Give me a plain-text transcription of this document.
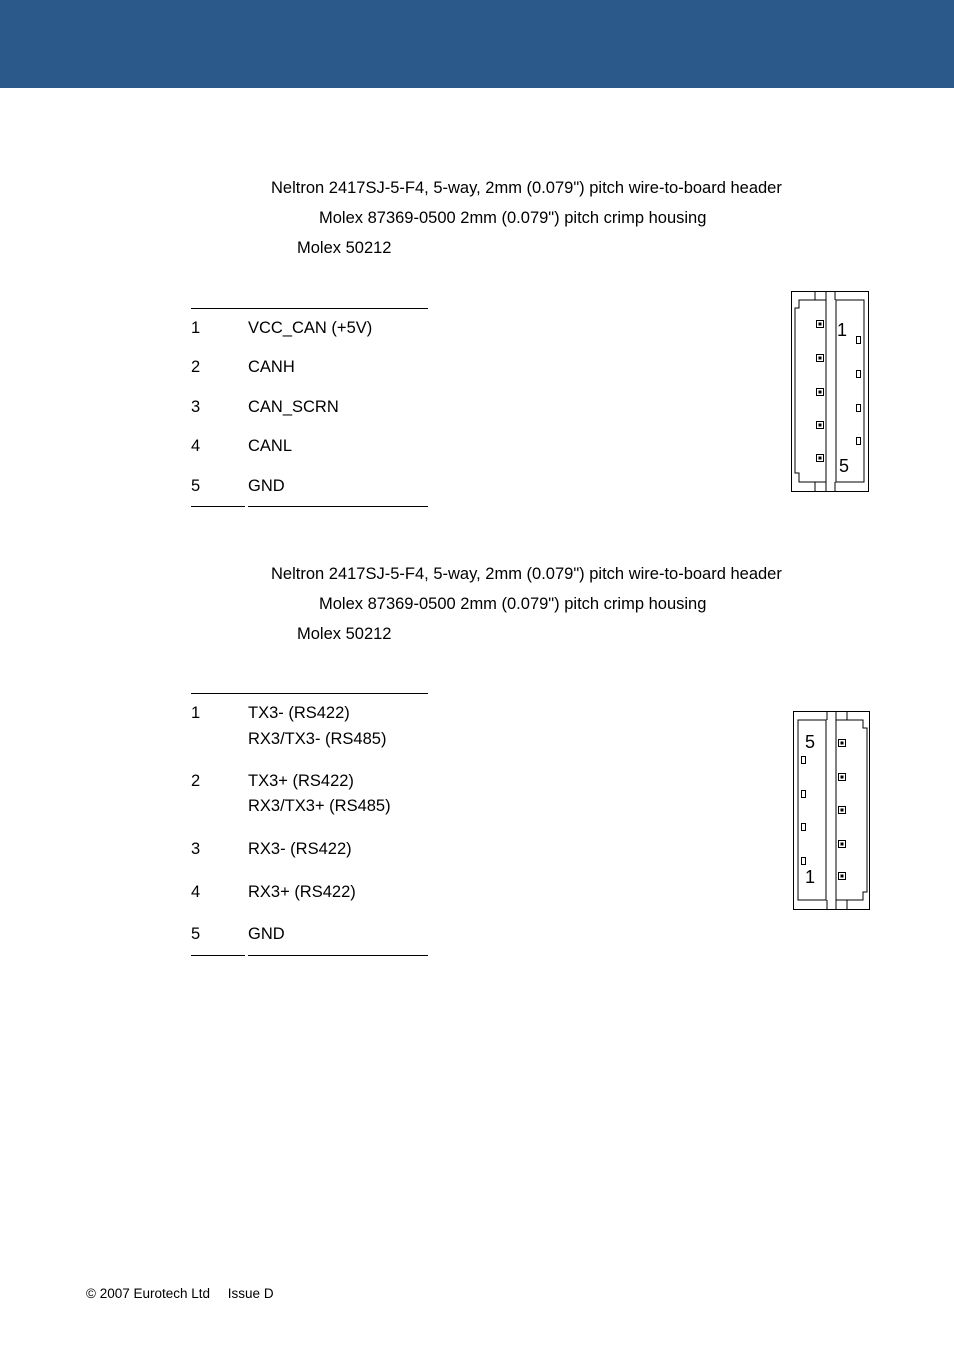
Neltron 2417SJ-5-F4, 5-way, 2mm (0.079") pitch wire-to-board header
Molex 87369-0500 2mm (0.079") pitch crimp housing
Molex 50212
1	VCC_CAN (+5V)
2	CANH
3	CAN_SCRN
4	CANL
5	GND
1
5
Neltron 2417SJ-5-F4, 5-way, 2mm (0.079") pitch wire-to-board header
Molex 87369-0500 2mm (0.079") pitch crimp housing
Molex 50212
1	TX3- (RS422)
RX3/TX3- (RS485)
2	TX3+ (RS422)
RX3/TX3+ (RS485)
3	RX3- (RS422)
4	RX3+ (RS422)
5	GND
5
1
© 2007 Eurotech Ltd Issue D
